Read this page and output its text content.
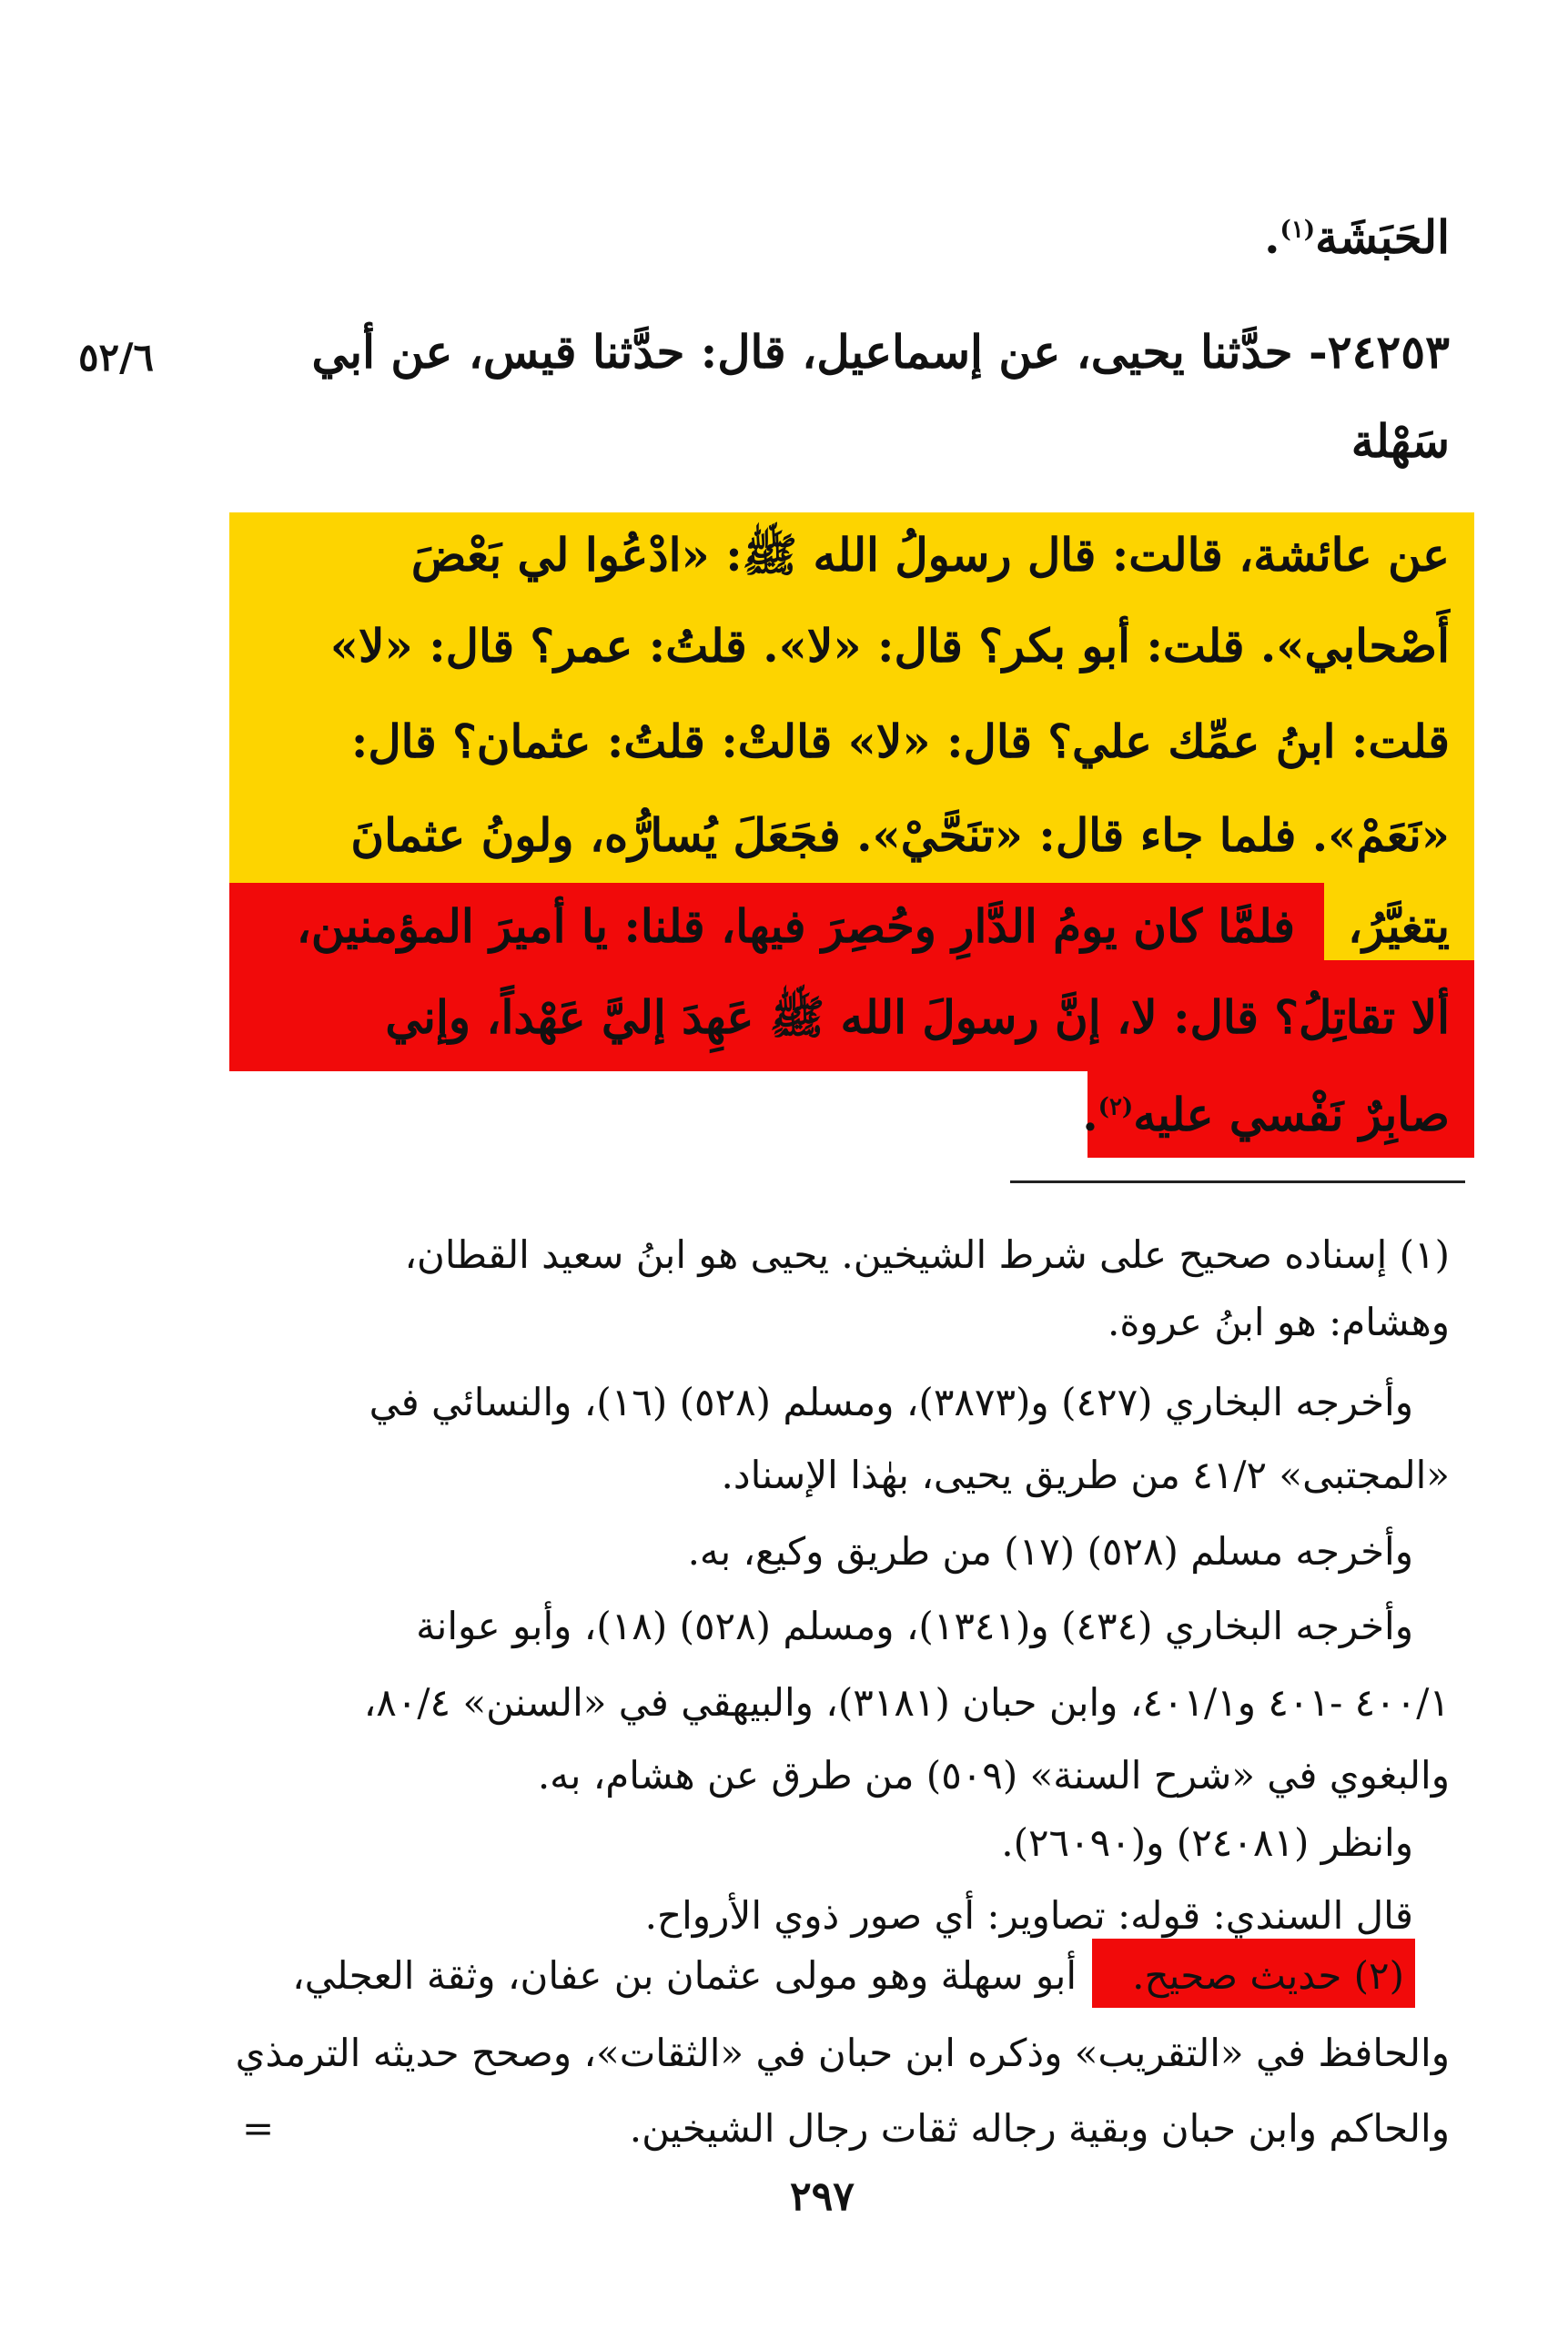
الحَبَشَة$^{(١)}$.
٢٤٢٥٣- حدَّثنا يحيى، عن إسماعيل، قال: حدَّثنا قيس، عن أبي
٥٢/٦
سَهْلة
عن عائشة، قالت: قال رسولُ الله ﷺ: «ادْعُوا لي بَعْضَ
أَصْحابي». قلت: أبو بكر؟ قال: «لا». قلتُ: عمر؟ قال: «لا»
قلت: ابنُ عمِّك علي؟ قال: «لا» قالتْ: قلتُ: عثمان؟ قال:
«نَعَمْ». فلما جاء قال: «تنَحَّيْ». فجَعَلَ يُسارُّه، ولونُ عثمانَ
يتغيَّرُ،
فلمَّا كان يومُ الدَّارِ وحُصِرَ فيها، قلنا: يا أميرَ المؤمنين،
ألا تقاتِلُ؟ قال: لا، إنَّ رسولَ الله ﷺ عَهِدَ إليَّ عَهْداً، وإني
صابِرٌ نَفْسي عليه$^{(٢)}$.
(١) إسناده صحيح على شرط الشيخين. يحيى هو ابنُ سعيد القطان،
وهشام: هو ابنُ عروة.
وأخرجه البخاري (٤٢٧) و(٣٨٧٣)، ومسلم (٥٢٨) (١٦)، والنسائي في
«المجتبى» ٤١/٢ من طريق يحيى، بهٰذا الإسناد.
وأخرجه مسلم (٥٢٨) (١٧) من طريق وكيع، به.
وأخرجه البخاري (٤٣٤) و(١٣٤١)، ومسلم (٥٢٨) (١٨)، وأبو عوانة
٤٠٠/١ -٤٠١ و٤٠١/١، وابن حبان (٣١٨١)، والبيهقي في «السنن» ٨٠/٤،
والبغوي في «شرح السنة» (٥٠٩) من طرق عن هشام، به.
وانظر (٢٤٠٨١) و(٢٦٠٩٠).
قال السندي: قوله: تصاوير: أي صور ذوي الأرواح.
(٢) حديث صحيح.
أبو سهلة وهو مولى عثمان بن عفان، وثقة العجلي،
والحافظ في «التقريب» وذكره ابن حبان في «الثقات»، وصحح حديثه الترمذي
والحاكم وابن حبان وبقية رجاله ثقات رجال الشيخين.
=
٢٩٧
